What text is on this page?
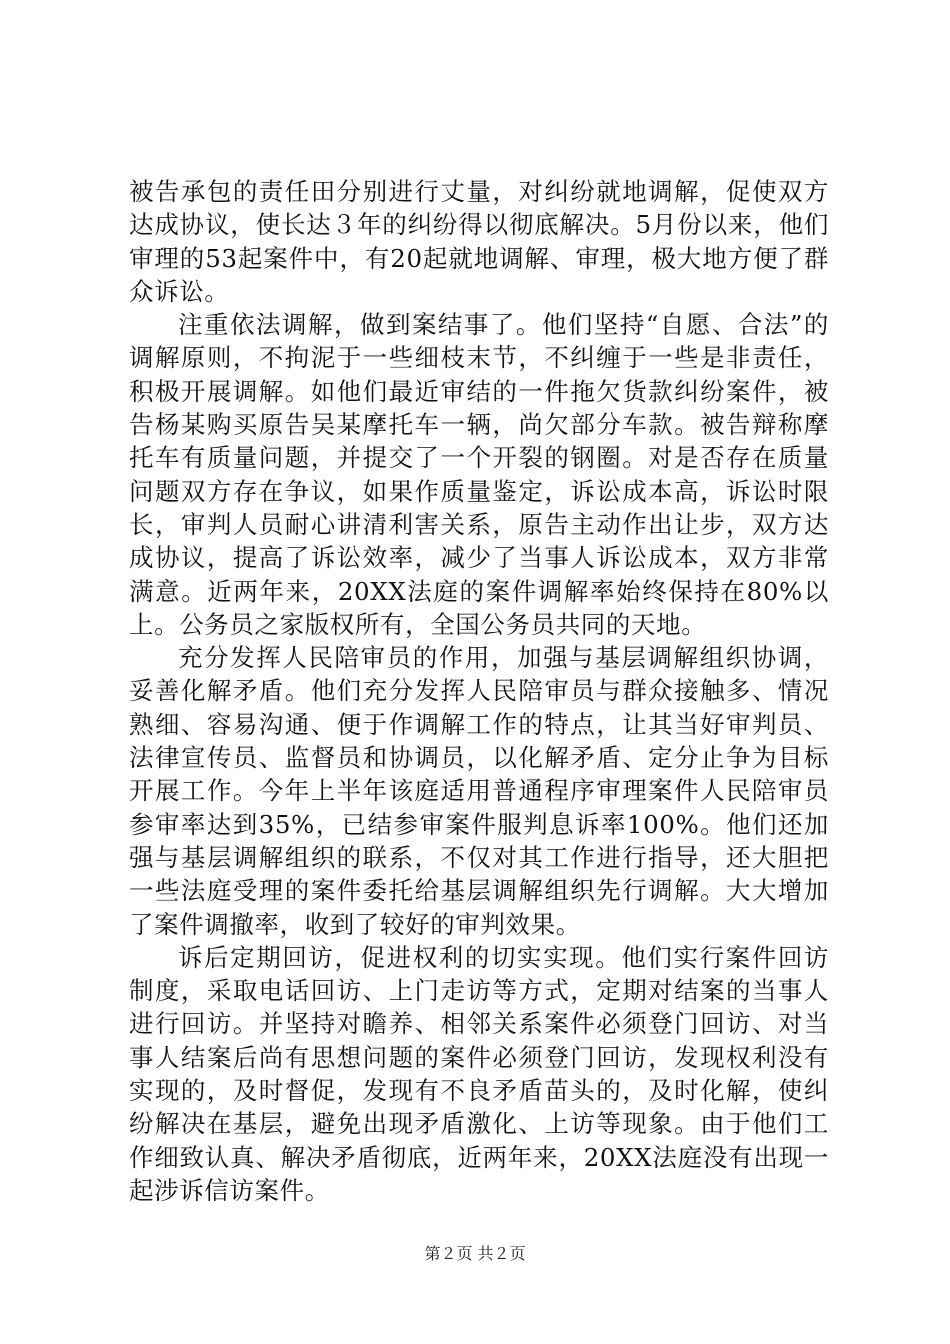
被告承包的责任田分别进行丈量，对纠纷就地调解，促使双方达成协议，使长达３年的纠纷得以彻底解决。5月份以来，他们审理的53起案件中，有20起就地调解、审理，极大地方便了群众诉讼。

注重依法调解，做到案结事了。他们坚持“自愿、合法”的调解原则，不拘泥于一些细枝末节，不纠缠于一些是非责任，积极开展调解。如他们最近审结的一件拖欠货款纠纷案件，被告杨某购买原告吴某摩托车一辆，尚欠部分车款。被告辩称摩托车有质量问题，并提交了一个开裂的钢圈。对是否存在质量问题双方存在争议，如果作质量鉴定，诉讼成本高，诉讼时限长，审判人员耐心讲清利害关系，原告主动作出让步，双方达成协议，提高了诉讼效率，减少了当事人诉讼成本，双方非常满意。近两年来，20XX法庭的案件调解率始终保持在80%以上。公务员之家版权所有，全国公务员共同的天地。

充分发挥人民陪审员的作用，加强与基层调解组织协调，妥善化解矛盾。他们充分发挥人民陪审员与群众接触多、情况熟细、容易沟通、便于作调解工作的特点，让其当好审判员、法律宣传员、监督员和协调员，以化解矛盾、定分止争为目标开展工作。今年上半年该庭适用普通程序审理案件人民陪审员参审率达到35%，已结参审案件服判息诉率100%。他们还加强与基层调解组织的联系，不仅对其工作进行指导，还大胆把一些法庭受理的案件委托给基层调解组织先行调解。大大增加了案件调撤率，收到了较好的审判效果。

诉后定期回访，促进权利的切实实现。他们实行案件回访制度，采取电话回访、上门走访等方式，定期对结案的当事人进行回访。并坚持对瞻养、相邻关系案件必须登门回访、对当事人结案后尚有思想问题的案件必须登门回访，发现权利没有实现的，及时督促，发现有不良矛盾苗头的，及时化解，使纠纷解决在基层，避免出现矛盾激化、上访等现象。由于他们工作细致认真、解决矛盾彻底，近两年来，20XX法庭没有出现一起涉诉信访案件。

第２页 共２页
